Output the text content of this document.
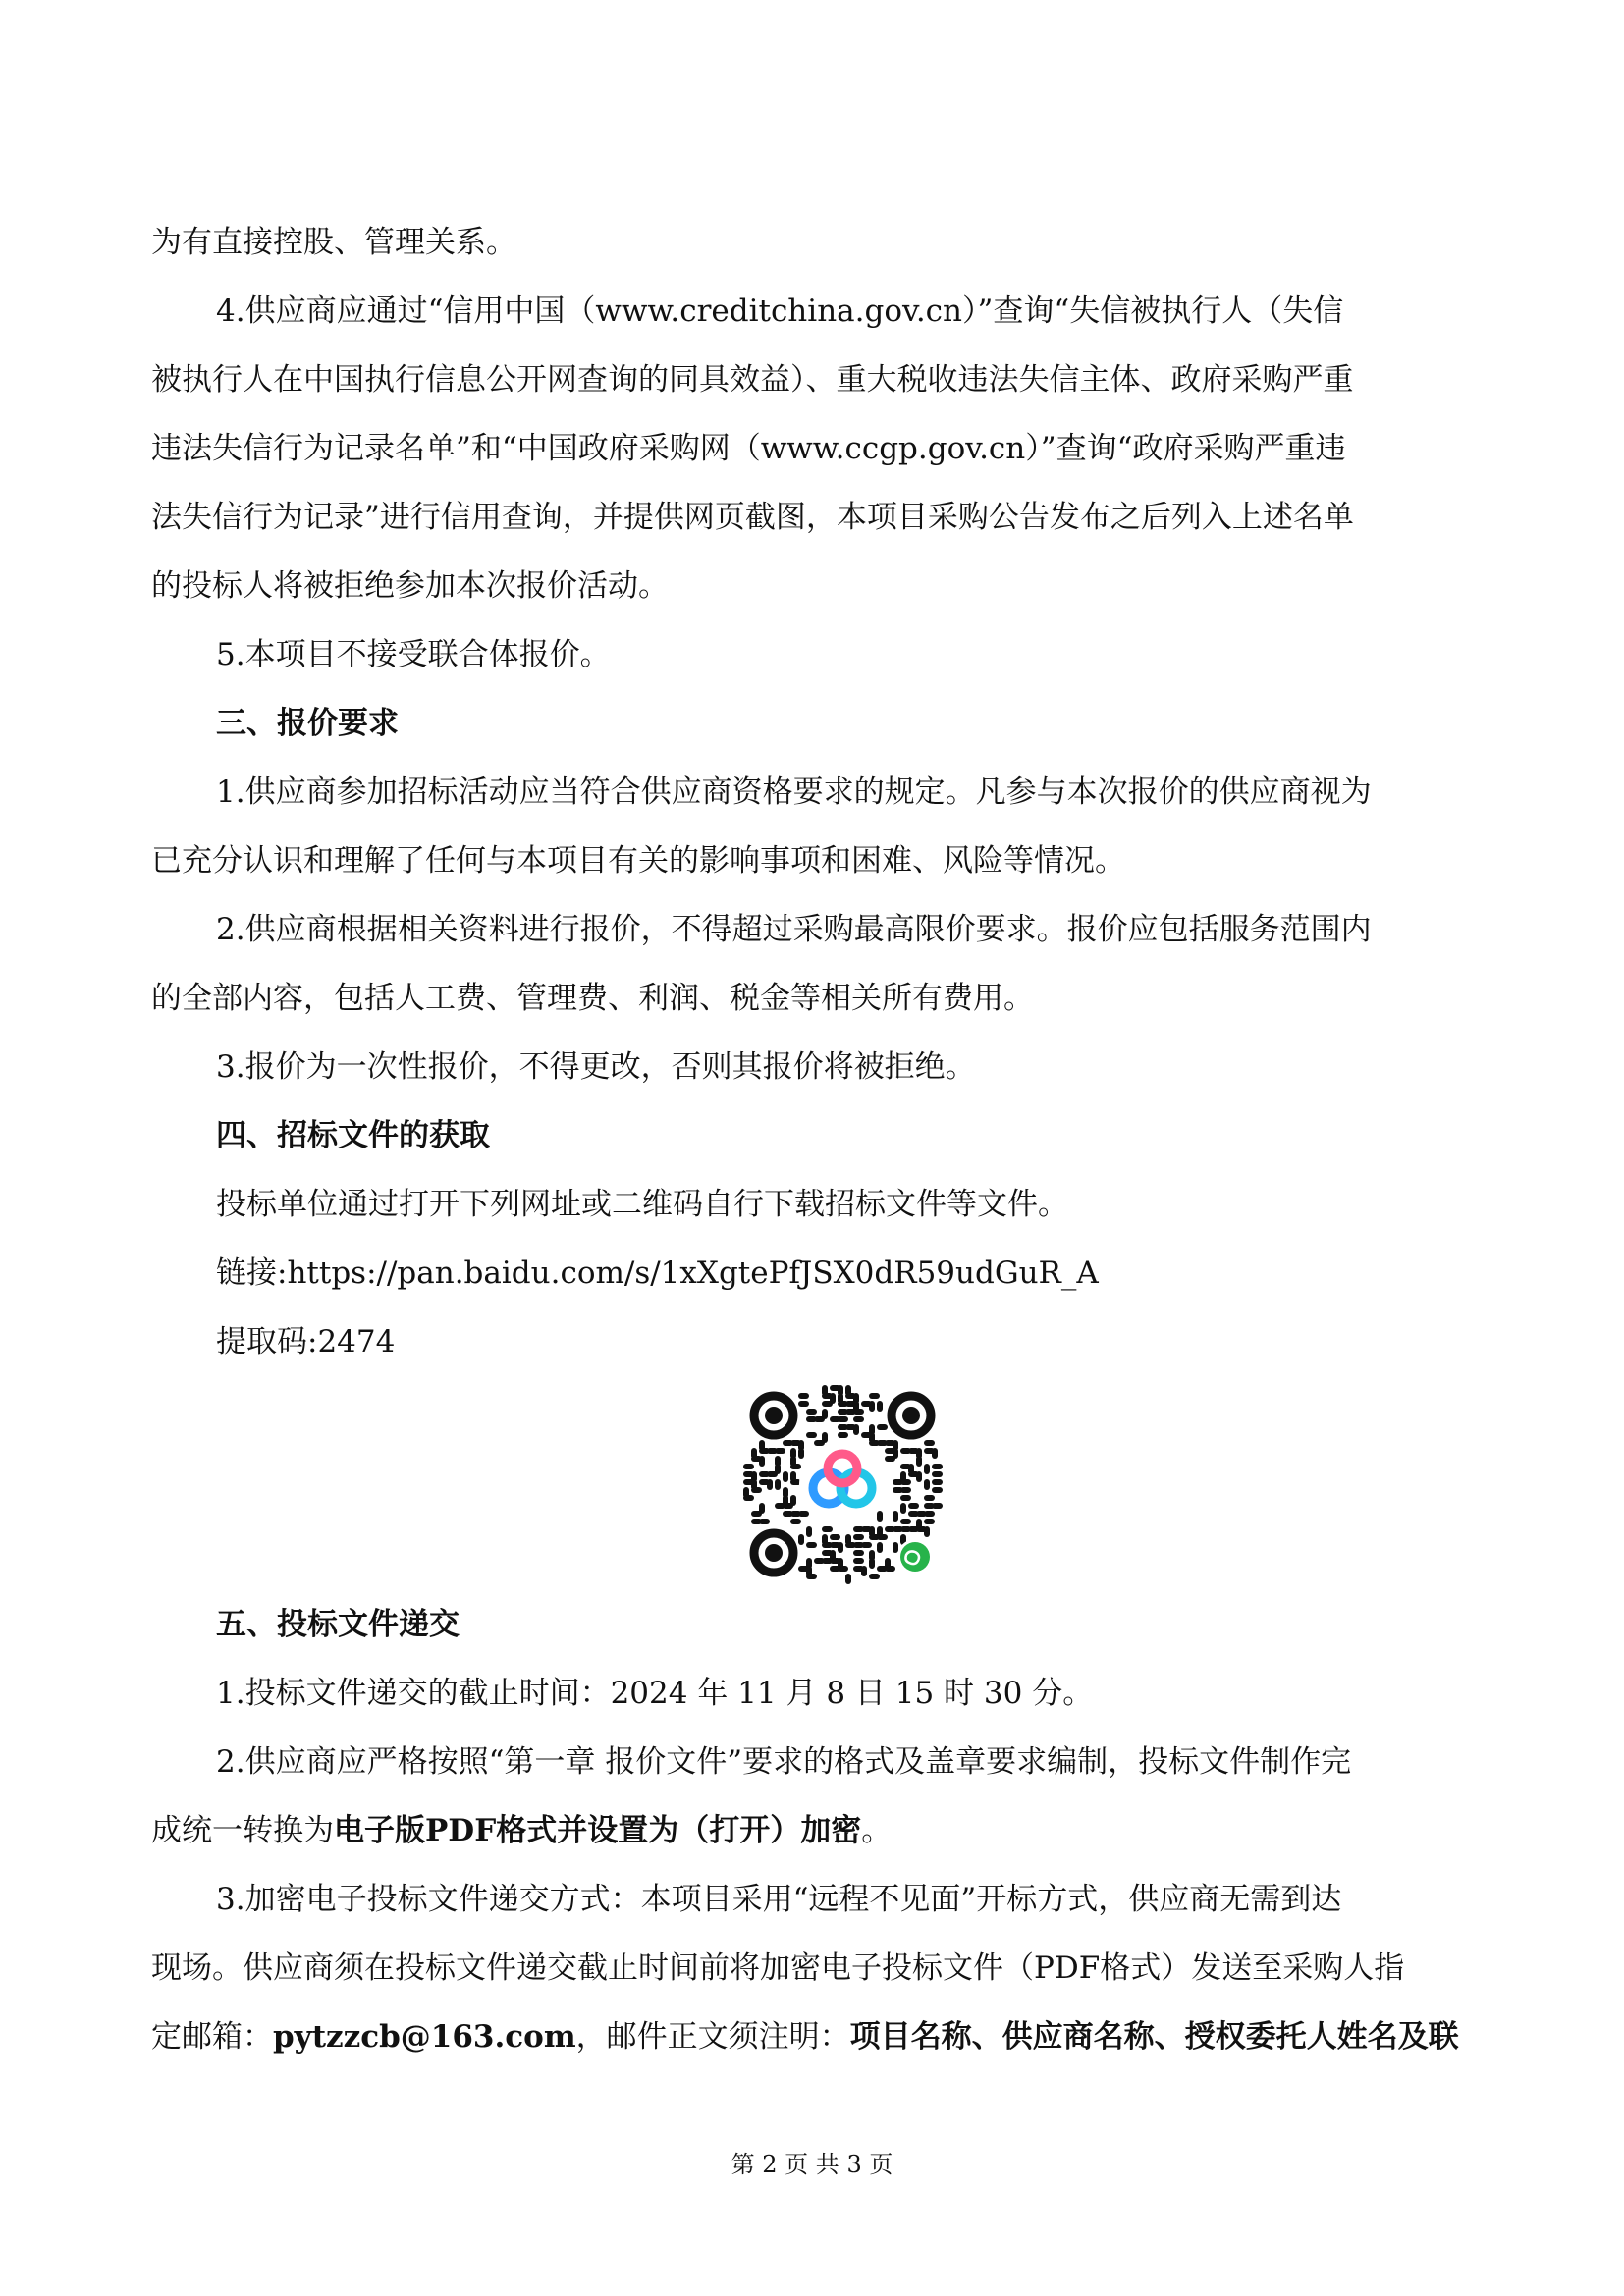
为有直接控股、管理关系。

4.供应商应通过“信用中国（www.creditchina.gov.cn）”查询“失信被执行人（失信

被执行人在中国执行信息公开网查询的同具效益）、重大税收违法失信主体、政府采购严重

违法失信行为记录名单”和“中国政府采购网（www.ccgp.gov.cn）”查询“政府采购严重违

法失信行为记录”进行信用查询，并提供网页截图，本项目采购公告发布之后列入上述名单

的投标人将被拒绝参加本次报价活动。

5.本项目不接受联合体报价。

三、报价要求

1.供应商参加招标活动应当符合供应商资格要求的规定。凡参与本次报价的供应商视为

已充分认识和理解了任何与本项目有关的影响事项和困难、风险等情况。

2.供应商根据相关资料进行报价，不得超过采购最高限价要求。报价应包括服务范围内

的全部内容，包括人工费、管理费、利润、税金等相关所有费用。

3.报价为一次性报价，不得更改，否则其报价将被拒绝。

四、招标文件的获取

投标单位通过打开下列网址或二维码自行下载招标文件等文件。

链接:https://pan.baidu.com/s/1xXgtePfJSX0dR59udGuR_A

提取码:2474

五、投标文件递交

1.投标文件递交的截止时间：2024 年 11 月 8 日 15 时 30 分。

2.供应商应严格按照“第一章 报价文件”要求的格式及盖章要求编制，投标文件制作完

成统一转换为电子版PDF格式并设置为（打开）加密。

3.加密电子投标文件递交方式：本项目采用“远程不见面”开标方式，供应商无需到达

现场。供应商须在投标文件递交截止时间前将加密电子投标文件（PDF格式）发送至采购人指

定邮箱：pytzzcb@163.com，邮件正文须注明：项目名称、供应商名称、授权委托人姓名及联

第 2 页 共 3 页
